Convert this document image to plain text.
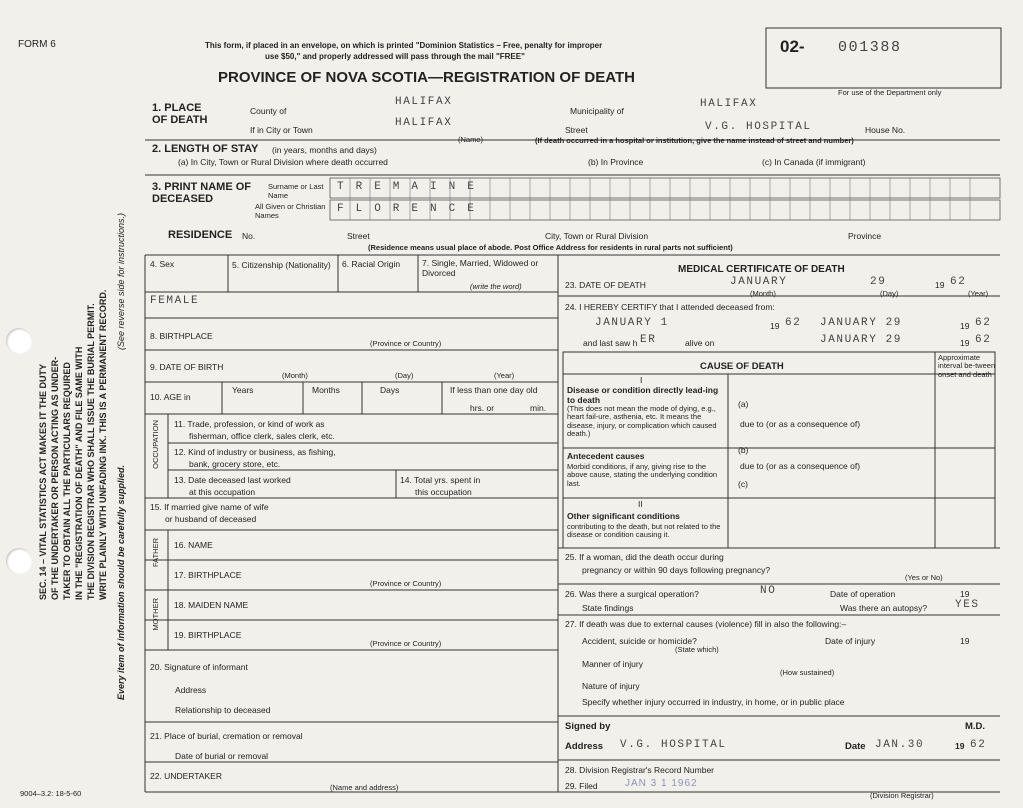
FORM 6	This form, if placed in an envelope, on which is printed "Dominion Statistics – Free, penalty for improper
use $50," and properly addressed will pass through the mail "FREE"
PROVINCE OF NOVA SCOTIA—REGISTRATION OF DEATH
02- 001388
For use of the Department only
9004–3.2: 18-5-60
SEC. 14 – VITAL STATISTICS ACT MAKES IT THE DUTY OF THE UNDERTAKER OR PERSON ACTING AS UNDER- TAKER TO OBTAIN ALL THE PARTICULARS REQUIRED IN THE "REGISTRATION OF DEATH" AND FILE SAME WITH THE DIVISION REGISTRAR WHO SHALL ISSUE THE BURIAL PERMIT. WRITE PLAINLY WITH UNFADING INK. THIS IS A PERMANENT RECORD. Every item of information should be carefully supplied.
(See reverse side for instructions.)
1. PLACE OF DEATH
County of
HALIFAX
Municipality of
HALIFAX
If in City or Town
HALIFAX
(Name)
Street	V.G. HOSPITAL	House No.
(If death occurred in a hospital or institution, give the name instead of street and number)
2. LENGTH OF STAY (in years, months and days)
(a) In City, Town or Rural Division where death occurred	(b) In Province	(c) In Canada (if immigrant)
3. PRINT NAME OF DECEASED
Surname or Last Name
TREMAINE
All Given or Christian Names
FLORENCE
RESIDENCE No.	Street	City, Town or Rural Division	Province
(Residence means usual place of abode. Post Office Address for residents in rural parts not sufficient)
4. Sex
FEMALE
5. Citizenship (Nationality) 6. Racial Origin	7. Single, Married, Widowed or Divorced
(write the word)
8. BIRTHPLACE
(Province or Country)
9. DATE OF BIRTH
(Month)	(Day)	(Year)
10. AGE in
Years	Months	Days	If less than one day old
hrs. or	min.
OCCUPATION 11. Trade, profession, or kind of work as
fisherman, office clerk, sales clerk, etc.
12. Kind of industry or business, as fishing,
bank, grocery store, etc.
13. Date deceased last worked
at this occupation
14. Total yrs. spent in
this occupation
15. If married give name of wife
or husband of deceased
FATHER
MOTHER
16. NAME
17. BIRTHPLACE
(Province or Country)
18. MAIDEN NAME
19. BIRTHPLACE
(Province or Country)
20. Signature of informant
Address
Relationship to deceased
21. Place of burial, cremation or removal
Date of burial or removal
22. UNDERTAKER
(Name and address)
MEDICAL CERTIFICATE OF DEATH
23. DATE OF DEATH	JANUARY
(Month)
29
(Day)
19 62
(Year)
24. I HEREBY CERTIFY that I attended deceased from:
JANUARY 1	19 62 JANUARY 29	19 62
and last saw h ER	alive on	JANUARY 29	19 62
CAUSE OF DEATH
Approximate interval be-tween onset and death
I
Disease or condition directly lead-ing to death
(This does not mean the mode of dying, e.g., heart fail-ure, asthenia, etc. It means the disease, injury, or complication which caused death.)
(a)
due to (or as a consequence of)
Antecedent causes
Morbid conditions, if any, giving rise to the above cause, stating the underlying condition last.
(b)
due to (or as a consequence of)
(c)
II
Other significant conditions
contributing to the death, but not related to the disease or condition causing it.
25. If a woman, did the death occur during
pregnancy or within 90 days following pregnancy?
(Yes or No)
26. Was there a surgical operation?	NO	Date of operation	19
State findings	Was there an autopsy?	YES
27. If death was due to external causes (violence) fill in also the following:–
Accident, suicide or homicide?	Date of injury	19
(State which)
Manner of injury
(How sustained)
Nature of injury
Specify whether injury occurred in industry, in home, or in public place
Signed by	M.D.
Address V.G. HOSPITAL	Date JAN.30	19 62
28. Division Registrar's Record Number
29. Filed	JAN 3 1 1962
(Division Registrar)
